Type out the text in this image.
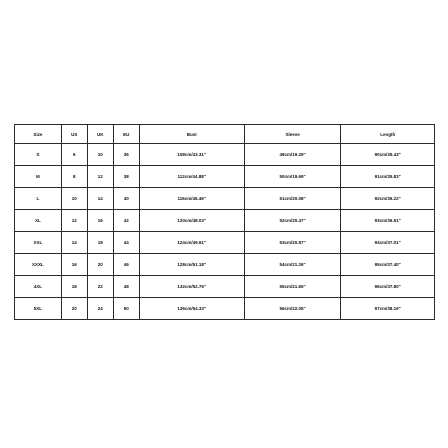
Size	US	UK	EU	Bust	Sleeve	Length
S	6	10	36	108cm/43.31"	49cm/19.29"	90cm/35.43"
M	8	12	38	112cm/44.88"	50cm/19.69"	91cm/35.83"
L	10	14	40	116cm/45.46"	51cm/20.08"	92cm/36.22"
XL	12	16	42	120cm/48.03"	52cm/20.47"	93cm/36.61"
XXL	14	18	44	124cm/49.61"	53cm/20.87"	94cm/37.01"
XXXL	16	20	46	128cm/51.18"	54cm/21.26"	95cm/37.40"
4XL	18	22	48	132cm/52.76"	55cm/21.65"	96cm/37.80"
5XL	20	24	50	136cm/54.33"	56cm/22.05"	97cm/38.19"
